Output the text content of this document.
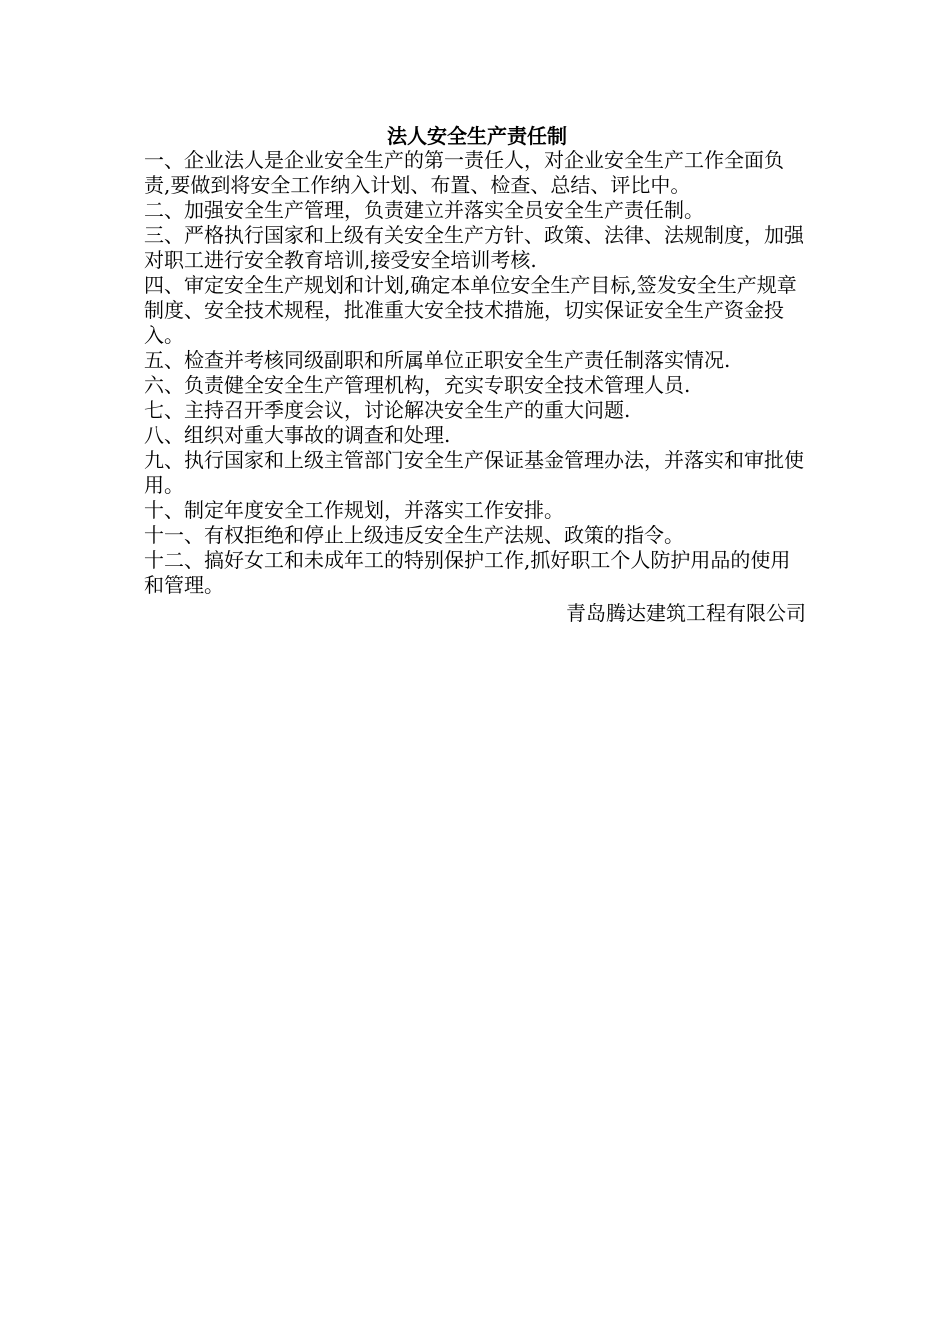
法人安全生产责任制
一、企业法人是企业安全生产的第一责任人，对企业安全生产工作全面负责,要做到将安全工作纳入计划、布置、检查、总结、评比中。
二、加强安全生产管理，负责建立并落实全员安全生产责任制。
三、严格执行国家和上级有关安全生产方针、政策、法律、法规制度，加强对职工进行安全教育培训,接受安全培训考核.
四、审定安全生产规划和计划,确定本单位安全生产目标,签发安全生产规章制度、安全技术规程，批准重大安全技术措施，切实保证安全生产资金投入。
五、检查并考核同级副职和所属单位正职安全生产责任制落实情况.
六、负责健全安全生产管理机构，充实专职安全技术管理人员.
七、主持召开季度会议，讨论解决安全生产的重大问题.
八、组织对重大事故的调查和处理.
九、执行国家和上级主管部门安全生产保证基金管理办法，并落实和审批使用。
十、制定年度安全工作规划，并落实工作安排。
十一、有权拒绝和停止上级违反安全生产法规、政策的指令。
十二、搞好女工和未成年工的特别保护工作,抓好职工个人防护用品的使用和管理。
青岛腾达建筑工程有限公司
